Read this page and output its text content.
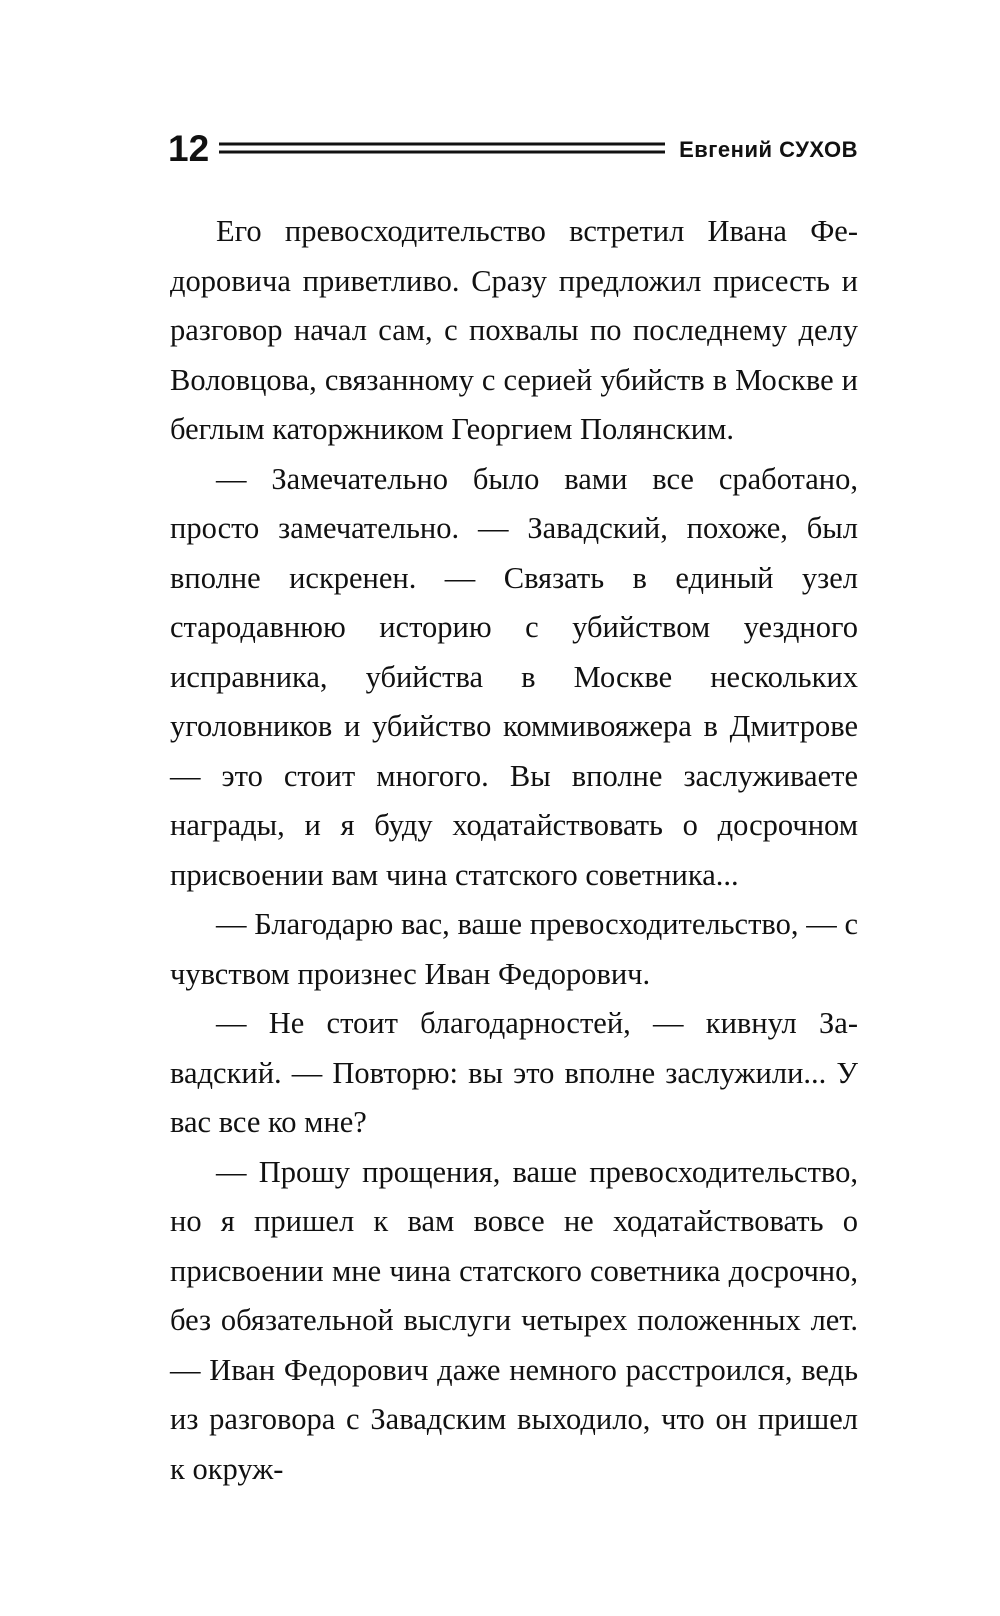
12	Евгений СУХОВ

Его превосходительство встретил Ивана Федоровича приветливо. Сразу предложил присесть и разговор начал сам, с похвалы по последнему делу Воловцова, связанному с серией убийств в Москве и беглым каторжником Георгием Полянским.

— Замечательно было вами все сработано, просто замечательно. — Завадский, похоже, был вполне искренен. — Связать в единый узел стародавнюю историю с убийством уездного исправника, убийства в Москве нескольких уголовников и убийство коммивояжера в Дмитрове — это стоит многого. Вы вполне заслуживаете награды, и я буду ходатайствовать о досрочном присвоении вам чина статского советника...

— Благодарю вас, ваше превосходительство, — с чувством произнес Иван Федорович.

— Не стоит благодарностей, — кивнул Завадский. — Повторю: вы это вполне заслужили... У вас все ко мне?

— Прошу прощения, ваше превосходительство, но я пришел к вам вовсе не ходатайствовать о присвоении мне чина статского советника досрочно, без обязательной выслуги четырех положенных лет. — Иван Федорович даже немного расстроился, ведь из разговора с Завадским выходило, что он пришел к окруж-
